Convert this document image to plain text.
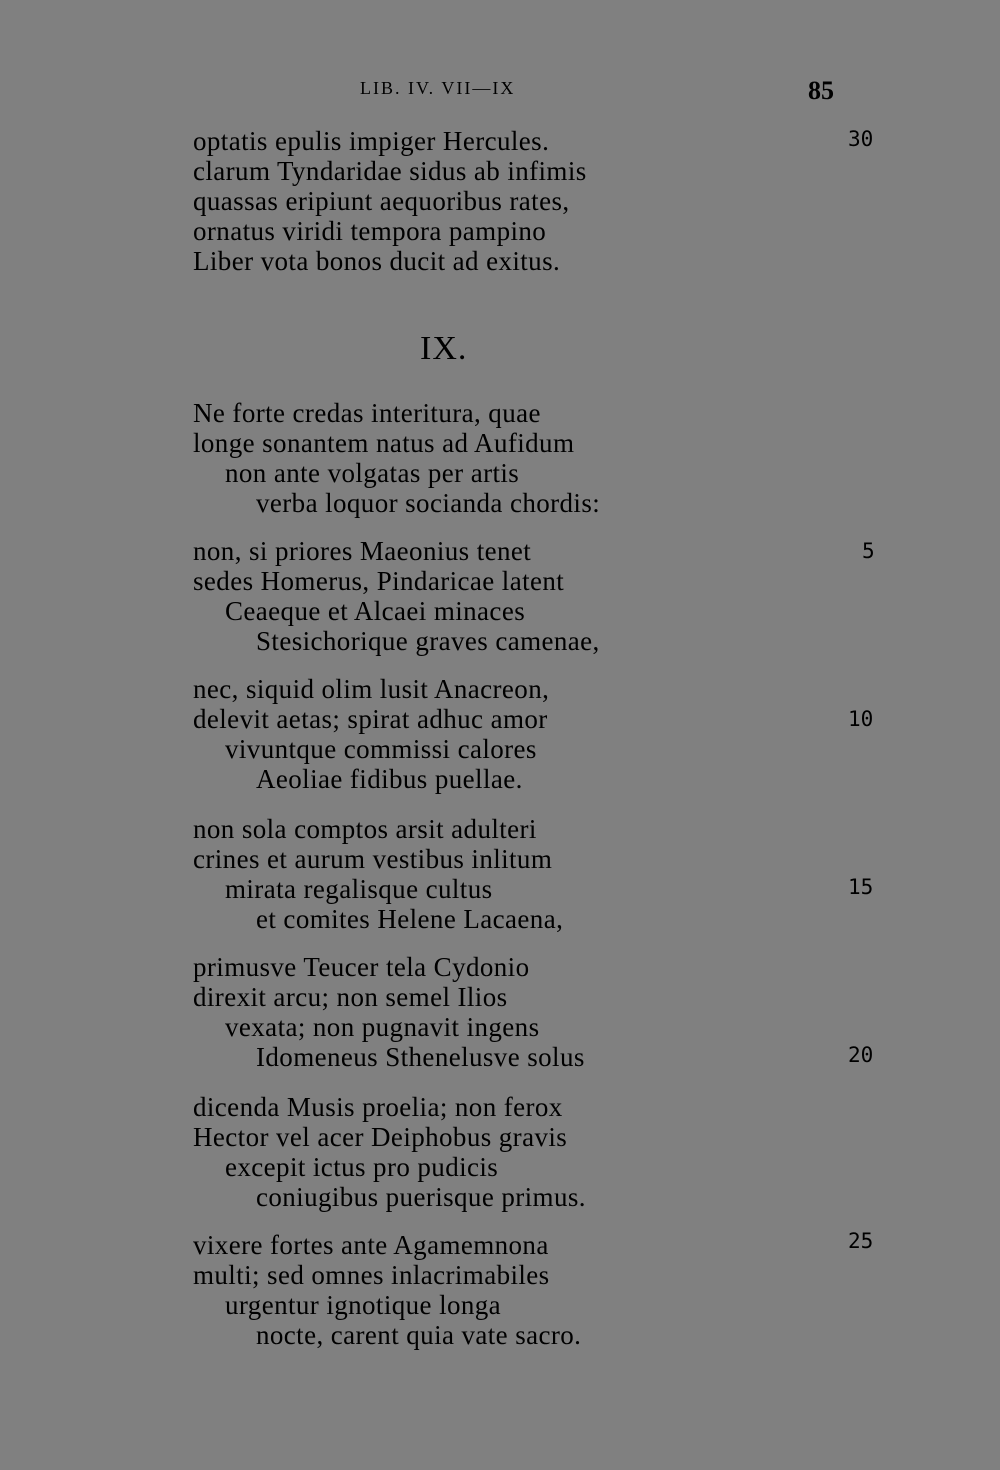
LIB. IV. VII—IX	85
optatis epulis impiger Hercules.	30
clarum Tyndaridae sidus ab infimis
quassas eripiunt aequoribus rates,
ornatus viridi tempora pampino
Liber vota bonos ducit ad exitus.
IX.
Ne forte credas interitura, quae
longe sonantem natus ad Aufidum
non ante volgatas per artis
verba loquor socianda chordis:
non, si priores Maeonius tenet	5
sedes Homerus, Pindaricae latent
Ceaeque et Alcaei minaces
Stesichorique graves camenae,
nec, siquid olim lusit Anacreon,
delevit aetas; spirat adhuc amor	10
vivuntque commissi calores
Aeoliae fidibus puellae.
non sola comptos arsit adulteri
crines et aurum vestibus inlitum
mirata regalisque cultus	15
et comites Helene Lacaena,
primusve Teucer tela Cydonio
direxit arcu; non semel Ilios
vexata; non pugnavit ingens
Idomeneus Sthenelusve solus	20
dicenda Musis proelia; non ferox
Hector vel acer Deiphobus gravis
excepit ictus pro pudicis
coniugibus puerisque primus.
vixere fortes ante Agamemnona	25
multi; sed omnes inlacrimabiles
urgentur ignotique longa
nocte, carent quia vate sacro.
